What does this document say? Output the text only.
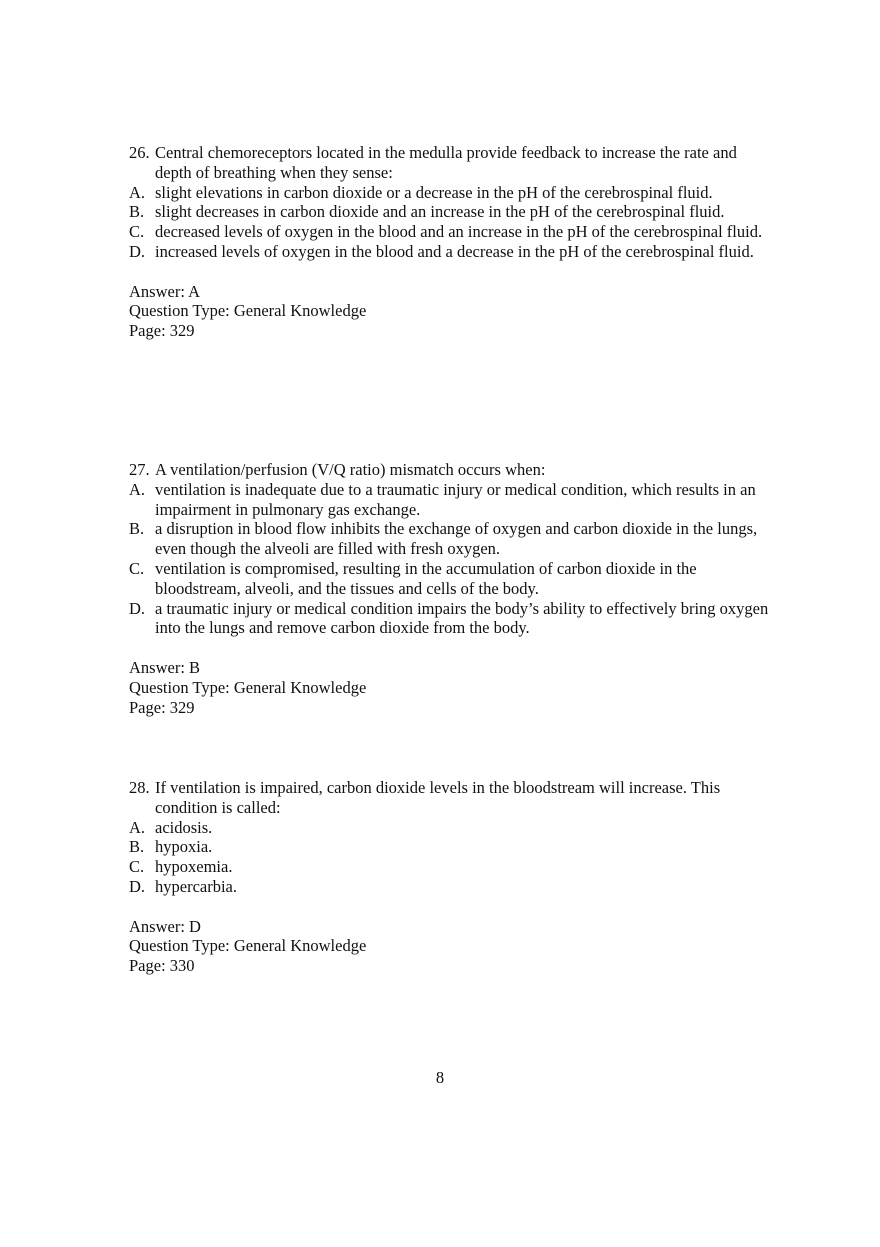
26. Central chemoreceptors located in the medulla provide feedback to increase the rate and depth of breathing when they sense:
A. slight elevations in carbon dioxide or a decrease in the pH of the cerebrospinal fluid.
B. slight decreases in carbon dioxide and an increase in the pH of the cerebrospinal fluid.
C. decreased levels of oxygen in the blood and an increase in the pH of the cerebrospinal fluid.
D. increased levels of oxygen in the blood and a decrease in the pH of the cerebrospinal fluid.
Answer: A
Question Type: General Knowledge
Page: 329
27. A ventilation/perfusion (V/Q ratio) mismatch occurs when:
A. ventilation is inadequate due to a traumatic injury or medical condition, which results in an impairment in pulmonary gas exchange.
B. a disruption in blood flow inhibits the exchange of oxygen and carbon dioxide in the lungs, even though the alveoli are filled with fresh oxygen.
C. ventilation is compromised, resulting in the accumulation of carbon dioxide in the bloodstream, alveoli, and the tissues and cells of the body.
D. a traumatic injury or medical condition impairs the body’s ability to effectively bring oxygen into the lungs and remove carbon dioxide from the body.
Answer: B
Question Type: General Knowledge
Page: 329
28. If ventilation is impaired, carbon dioxide levels in the bloodstream will increase. This condition is called:
A. acidosis.
B. hypoxia.
C. hypoxemia.
D. hypercarbia.
Answer: D
Question Type: General Knowledge
Page: 330
8
